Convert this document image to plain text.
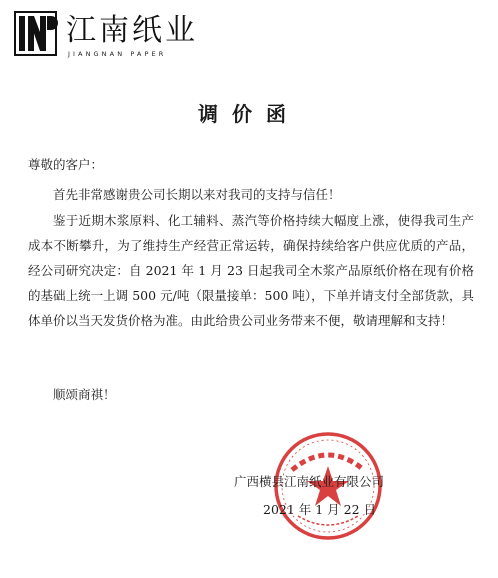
江南纸业
JIANGNAN PAPER
调价函
尊敬的客户：
首先非常感谢贵公司长期以来对我司的支持与信任！
鉴于近期木浆原料、化工辅料、蒸汽等价格持续大幅度上涨，使得我司生产成本不断攀升，为了维持生产经营正常运转，确保持续给客户供应优质的产品，经公司研究决定：自 2021 年 1 月 23 日起我司全木浆产品原纸价格在现有价格的基础上统一上调 500 元/吨（限量接单：500 吨），下单并请支付全部货款，具体单价以当天发货价格为准。由此给贵公司业务带来不便，敬请理解和支持！
顺颂商祺！
广西横县江南纸业有限公司
2021 年 1 月 22 日
